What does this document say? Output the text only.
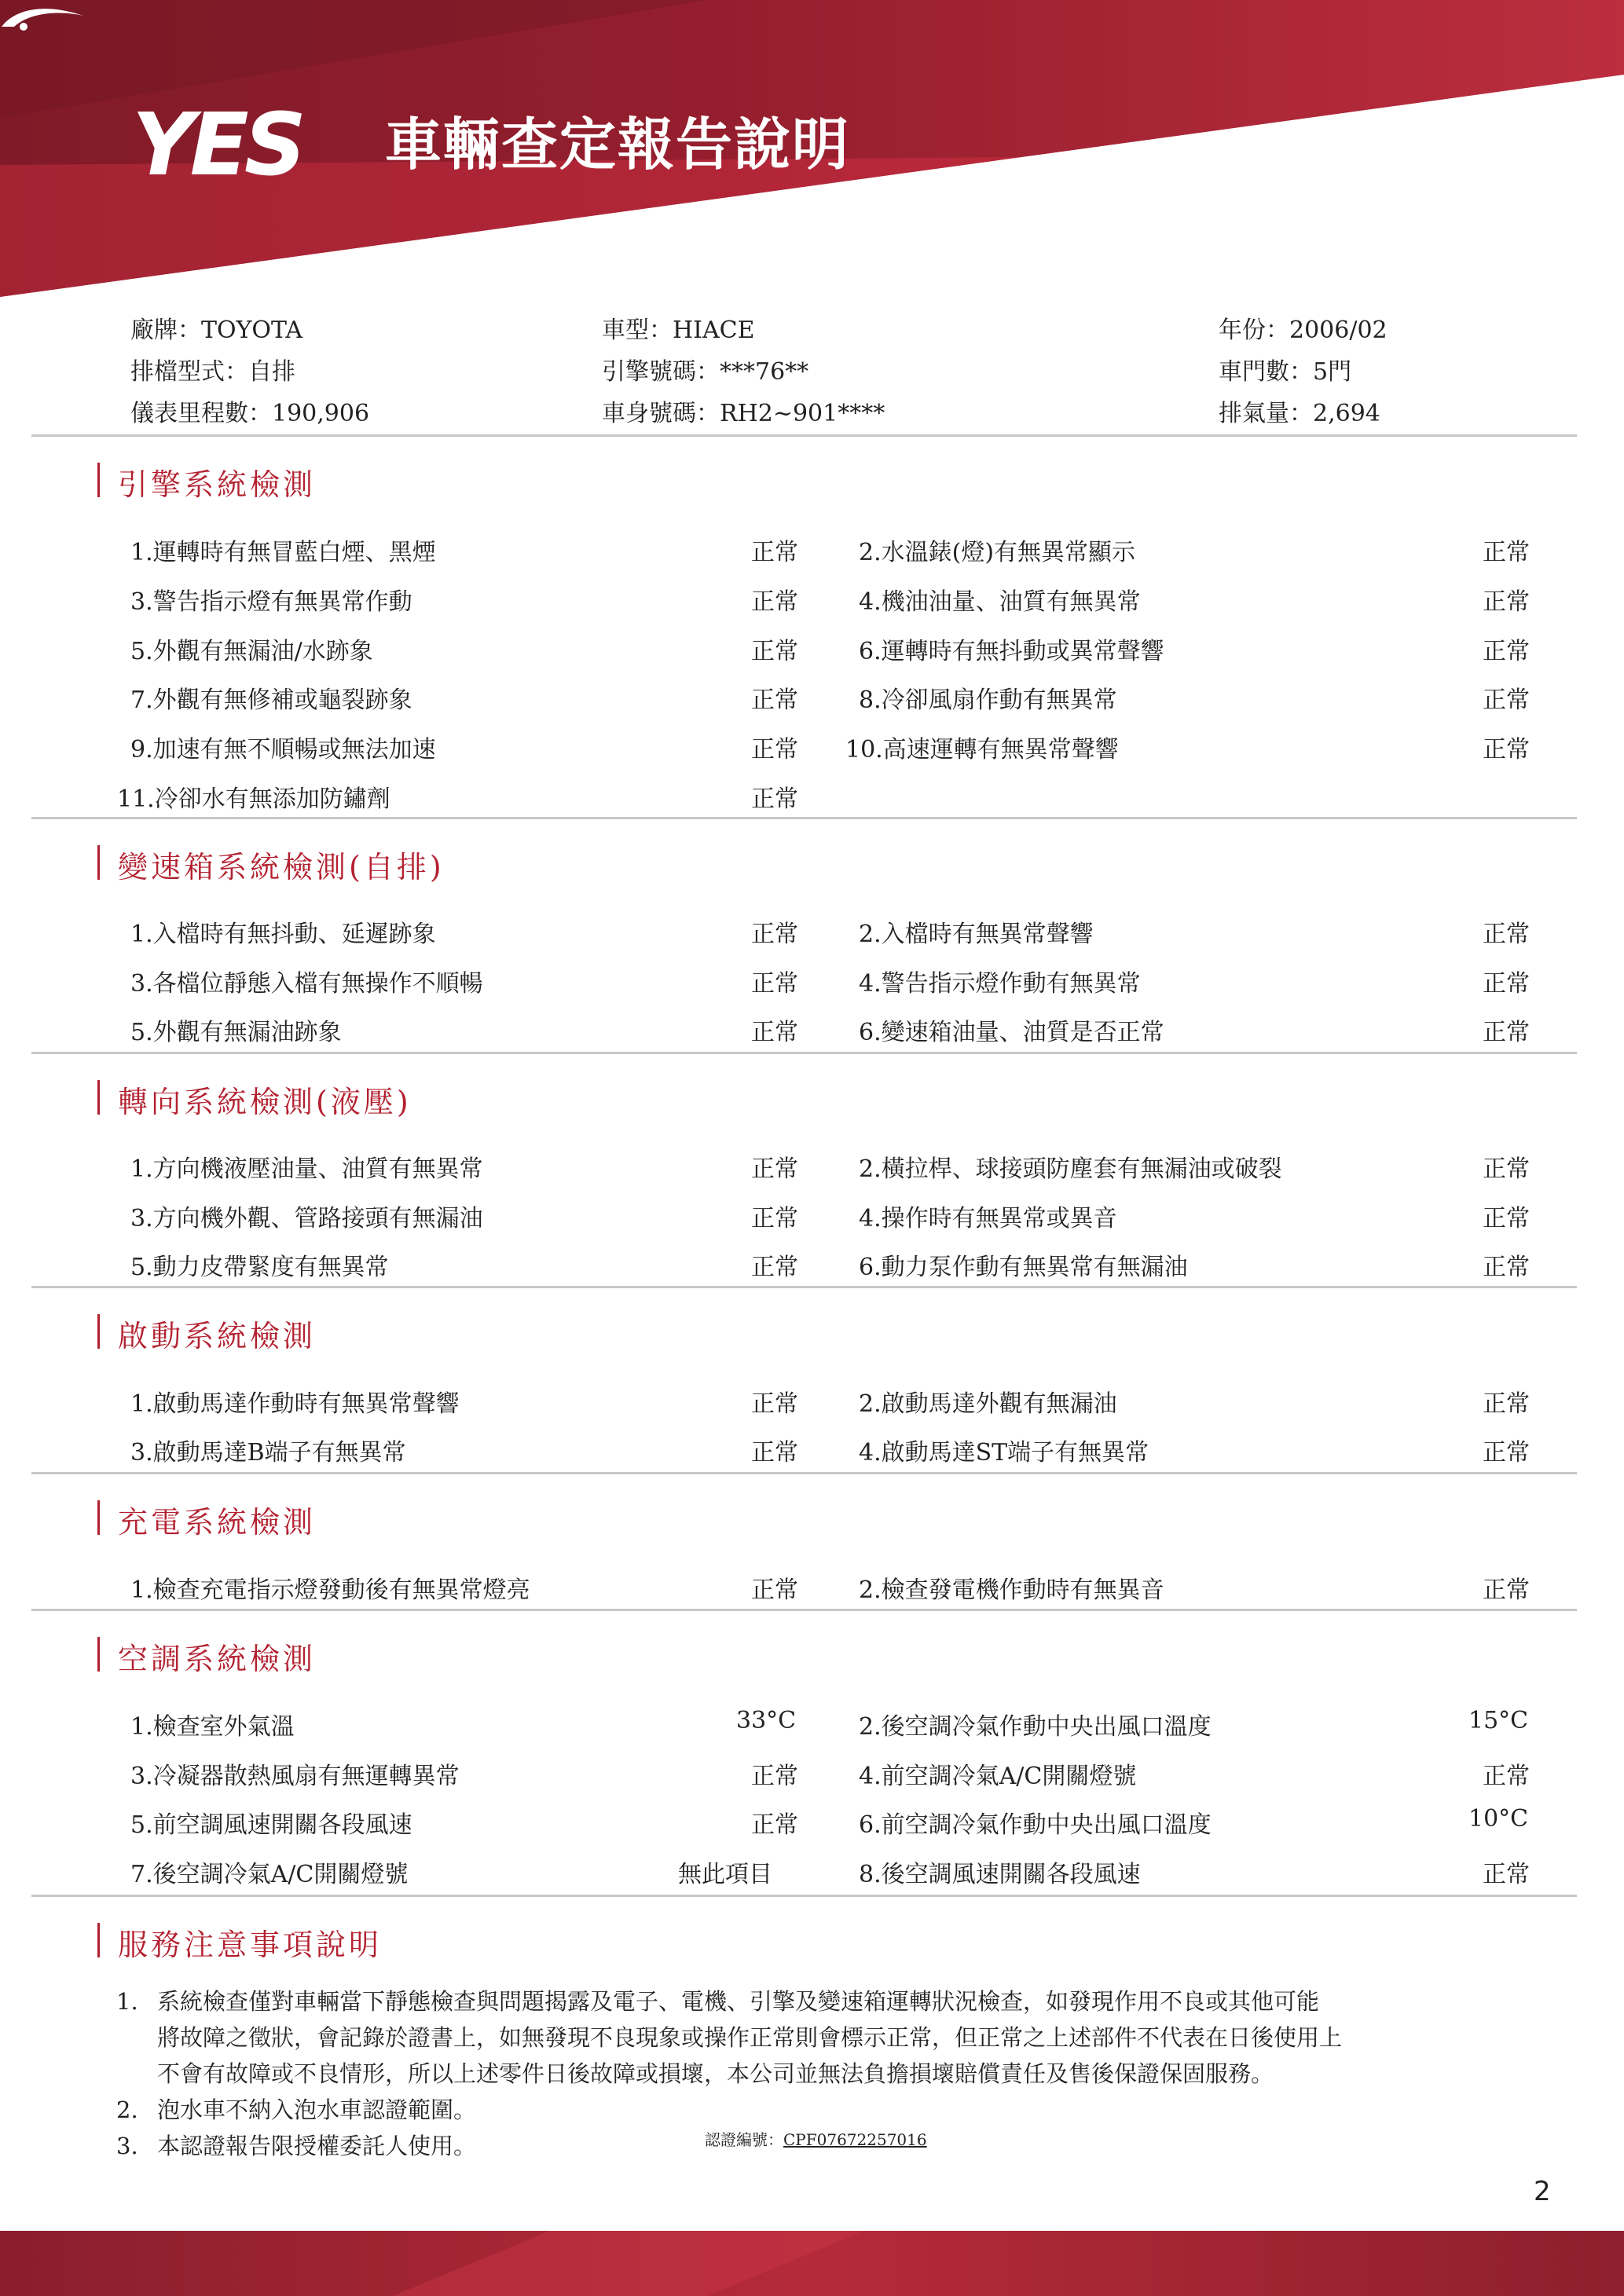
YES 車輛查定報告說明
廠牌：TOYOTA	車型：HIACE	年份：2006/02
排檔型式：自排	引擎號碼：***76**	車門數：5門
儀表里程數：190,906	車身號碼：RH2~901****	排氣量：2,694
引擎系統檢測
1.運轉時有無冒藍白煙、黑煙	正常	2.水溫錶(燈)有無異常顯示	正常
3.警告指示燈有無異常作動	正常	4.機油油量、油質有無異常	正常
5.外觀有無漏油/水跡象	正常	6.運轉時有無抖動或異常聲響	正常
7.外觀有無修補或龜裂跡象	正常	8.冷卻風扇作動有無異常	正常
9.加速有無不順暢或無法加速	正常 10.高速運轉有無異常聲響	正常
11.冷卻水有無添加防鏽劑	正常
變速箱系統檢測(自排)
1.入檔時有無抖動、延遲跡象	正常	2.入檔時有無異常聲響	正常
3.各檔位靜態入檔有無操作不順暢	正常	4.警告指示燈作動有無異常	正常
5.外觀有無漏油跡象	正常	6.變速箱油量、油質是否正常	正常
轉向系統檢測(液壓)
1.方向機液壓油量、油質有無異常	正常	2.橫拉桿、球接頭防塵套有無漏油或破裂	正常
3.方向機外觀、管路接頭有無漏油	正常	4.操作時有無異常或異音	正常
5.動力皮帶緊度有無異常	正常	6.動力泵作動有無異常有無漏油	正常
啟動系統檢測
1.啟動馬達作動時有無異常聲響	正常	2.啟動馬達外觀有無漏油	正常
3.啟動馬達B端子有無異常	正常	4.啟動馬達ST端子有無異常	正常
充電系統檢測
1.檢查充電指示燈發動後有無異常燈亮	正常	2.檢查發電機作動時有無異音	正常
空調系統檢測
1.檢查室外氣溫	33°C	2.後空調冷氣作動中央出風口溫度	15°C
3.冷凝器散熱風扇有無運轉異常	正常	4.前空調冷氣A/C開關燈號	正常
5.前空調風速開關各段風速	正常	6.前空調冷氣作動中央出風口溫度	10°C
7.後空調冷氣A/C開關燈號	無此項目	8.後空調風速開關各段風速	正常
服務注意事項說明
1. 系統檢查僅對車輛當下靜態檢查與問題揭露及電子、電機、引擎及變速箱運轉狀況檢查，如發現作用不良或其他可能
將故障之徵狀，會記錄於證書上，如無發現不良現象或操作正常則會標示正常，但正常之上述部件不代表在日後使用上
不會有故障或不良情形，所以上述零件日後故障或損壞，本公司並無法負擔損壞賠償責任及售後保證保固服務。
2. 泡水車不納入泡水車認證範圍。
3. 本認證報告限授權委託人使用。	認證編號：CPF07672257016
2
